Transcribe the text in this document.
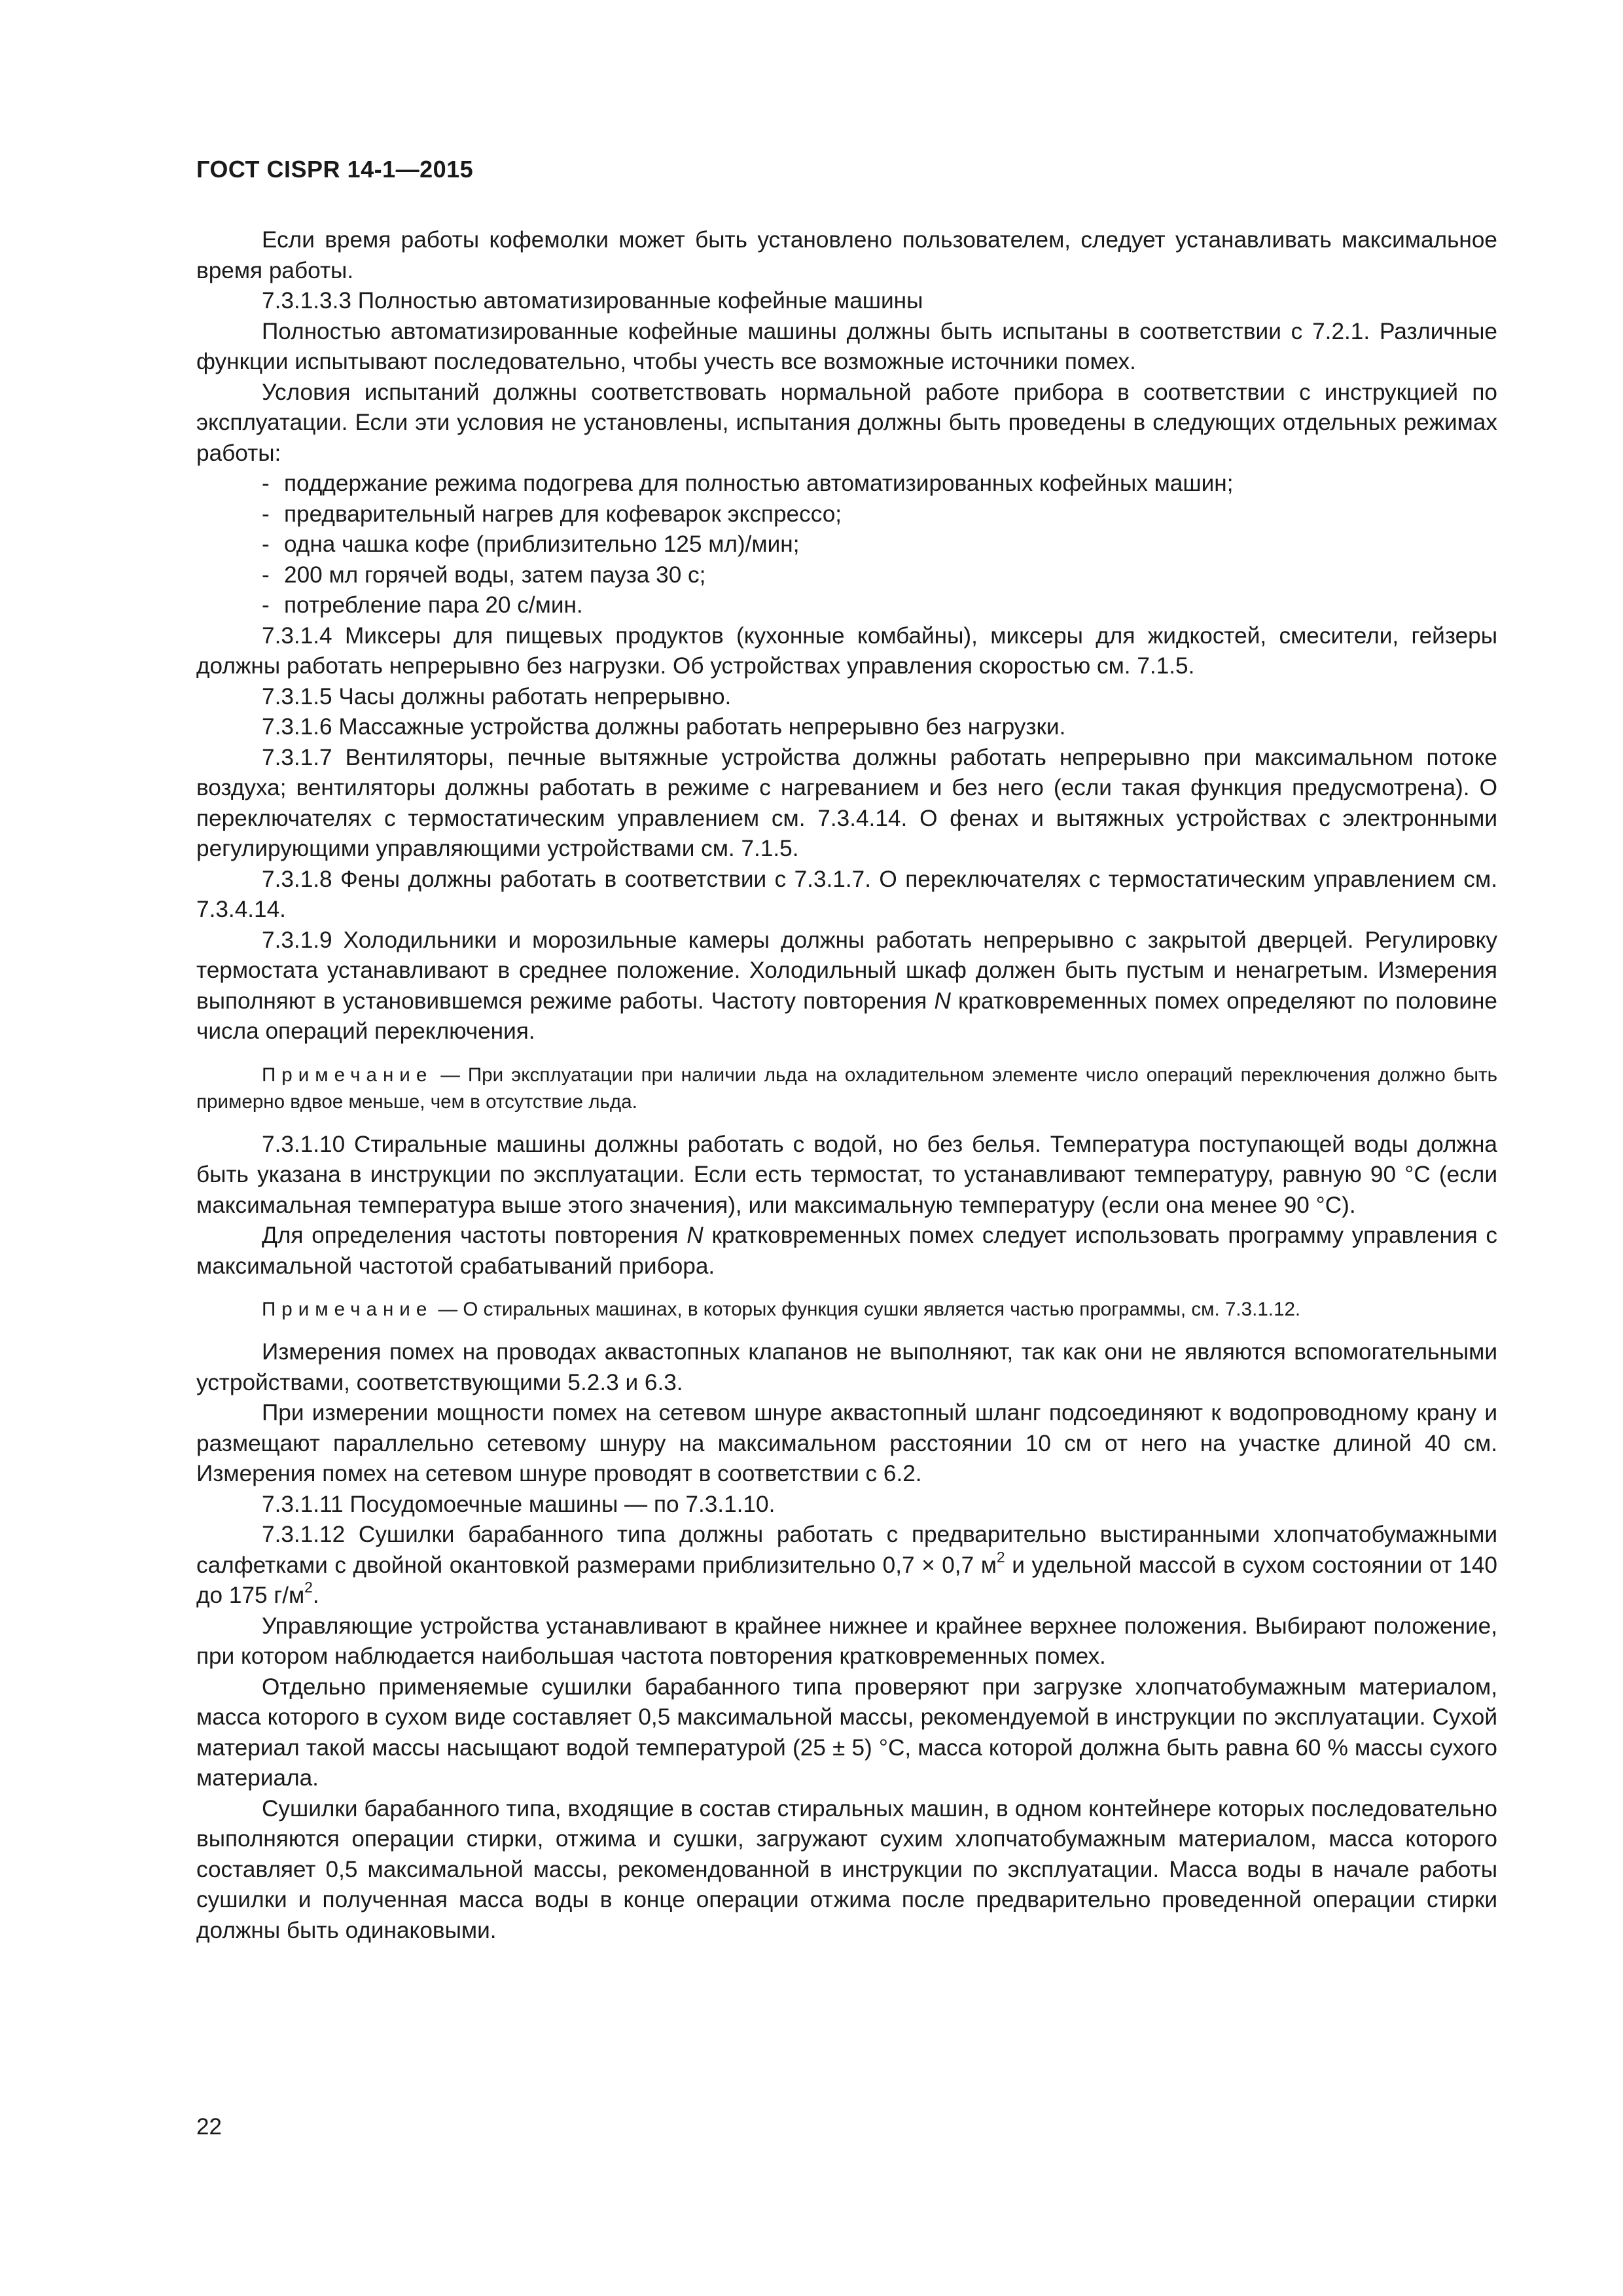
ГОСТ CISPR 14-1—2015

Если время работы кофемолки может быть установлено пользователем, следует устанавливать максимальное время работы.

7.3.1.3.3 Полностью автоматизированные кофейные машины

Полностью автоматизированные кофейные машины должны быть испытаны в соответствии с 7.2.1. Различные функции испытывают последовательно, чтобы учесть все возможные источники помех.

Условия испытаний должны соответствовать нормальной работе прибора в соответствии с инструкцией по эксплуатации. Если эти условия не установлены, испытания должны быть проведены в следующих отдельных режимах работы:

- поддержание режима подогрева для полностью автоматизированных кофейных машин;
- предварительный нагрев для кофеварок экспрессо;
- одна чашка кофе (приблизительно 125 мл)/мин;
- 200 мл горячей воды, затем пауза 30 с;
- потребление пара 20 с/мин.

7.3.1.4 Миксеры для пищевых продуктов (кухонные комбайны), миксеры для жидкостей, смесители, гейзеры должны работать непрерывно без нагрузки. Об устройствах управления скоростью см. 7.1.5.

7.3.1.5 Часы должны работать непрерывно.

7.3.1.6 Массажные устройства должны работать непрерывно без нагрузки.

7.3.1.7 Вентиляторы, печные вытяжные устройства должны работать непрерывно при максимальном потоке воздуха; вентиляторы должны работать в режиме с нагреванием и без него (если такая функция предусмотрена). О переключателях с термостатическим управлением см. 7.3.4.14. О фенах и вытяжных устройствах с электронными регулирующими управляющими устройствами см. 7.1.5.

7.3.1.8 Фены должны работать в соответствии с 7.3.1.7. О переключателях с термостатическим управлением см. 7.3.4.14.

7.3.1.9 Холодильники и морозильные камеры должны работать непрерывно с закрытой дверцей. Регулировку термостата устанавливают в среднее положение. Холодильный шкаф должен быть пустым и ненагретым. Измерения выполняют в установившемся режиме работы. Частоту повторения N кратковременных помех определяют по половине числа операций переключения.

Примечание — При эксплуатации при наличии льда на охладительном элементе число операций переключения должно быть примерно вдвое меньше, чем в отсутствие льда.

7.3.1.10 Стиральные машины должны работать с водой, но без белья. Температура поступающей воды должна быть указана в инструкции по эксплуатации. Если есть термостат, то устанавливают температуру, равную 90 °С (если максимальная температура выше этого значения), или максимальную температуру (если она менее 90 °С).

Для определения частоты повторения N кратковременных помех следует использовать программу управления с максимальной частотой срабатываний прибора.

Примечание — О стиральных машинах, в которых функция сушки является частью программы, см. 7.3.1.12.

Измерения помех на проводах аквастопных клапанов не выполняют, так как они не являются вспомогательными устройствами, соответствующими 5.2.3 и 6.3.

При измерении мощности помех на сетевом шнуре аквастопный шланг подсоединяют к водопроводному крану и размещают параллельно сетевому шнуру на максимальном расстоянии 10 см от него на участке длиной 40 см. Измерения помех на сетевом шнуре проводят в соответствии с 6.2.

7.3.1.11 Посудомоечные машины — по 7.3.1.10.

7.3.1.12 Сушилки барабанного типа должны работать с предварительно выстиранными хлопчатобумажными салфетками с двойной окантовкой размерами приблизительно 0,7 × 0,7 $м^2$ и удельной массой в сухом состоянии от 140 до 175 $г/м^2$.

Управляющие устройства устанавливают в крайнее нижнее и крайнее верхнее положения. Выбирают положение, при котором наблюдается наибольшая частота повторения кратковременных помех.

Отдельно применяемые сушилки барабанного типа проверяют при загрузке хлопчатобумажным материалом, масса которого в сухом виде составляет 0,5 максимальной массы, рекомендуемой в инструкции по эксплуатации. Сухой материал такой массы насыщают водой температурой (25 ± 5) °С, масса которой должна быть равна 60 % массы сухого материала.

Сушилки барабанного типа, входящие в состав стиральных машин, в одном контейнере которых последовательно выполняются операции стирки, отжима и сушки, загружают сухим хлопчатобумажным материалом, масса которого составляет 0,5 максимальной массы, рекомендованной в инструкции по эксплуатации. Масса воды в начале работы сушилки и полученная масса воды в конце операции отжима после предварительно проведенной операции стирки должны быть одинаковыми.

22
